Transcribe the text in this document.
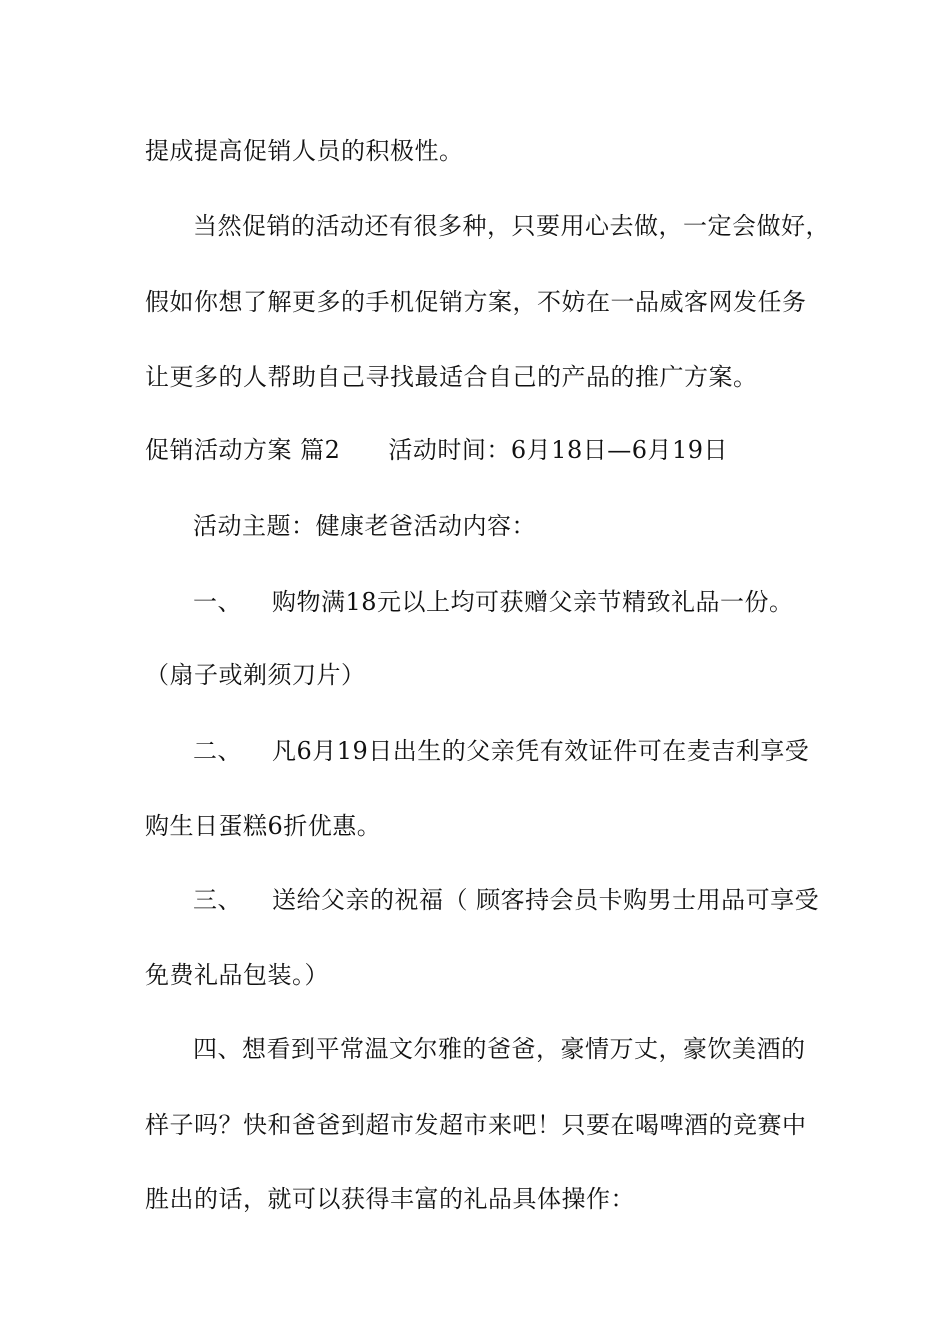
提成提高促销人员的积极性。
当然促销的活动还有很多种，只要用心去做，一定会做好，
假如你想了解更多的手机促销方案，不妨在一品威客网发任务
让更多的人帮助自己寻找最适合自己的产品的推广方案。
促销活动方案 篇2 活动时间：6月18日—6月19日
活动主题：健康老爸活动内容：
一、 购物满18元以上均可获赠父亲节精致礼品一份。
（扇子或剃须刀片）
二、 凡6月19日出生的父亲凭有效证件可在麦吉利享受
购生日蛋糕6折优惠。
三、 送给父亲的祝福（ 顾客持会员卡购男士用品可享受
免费礼品包装。）
四、想看到平常温文尔雅的爸爸，豪情万丈，豪饮美酒的
样子吗？快和爸爸到超市发超市来吧！只要在喝啤酒的竞赛中
胜出的话，就可以获得丰富的礼品具体操作：
